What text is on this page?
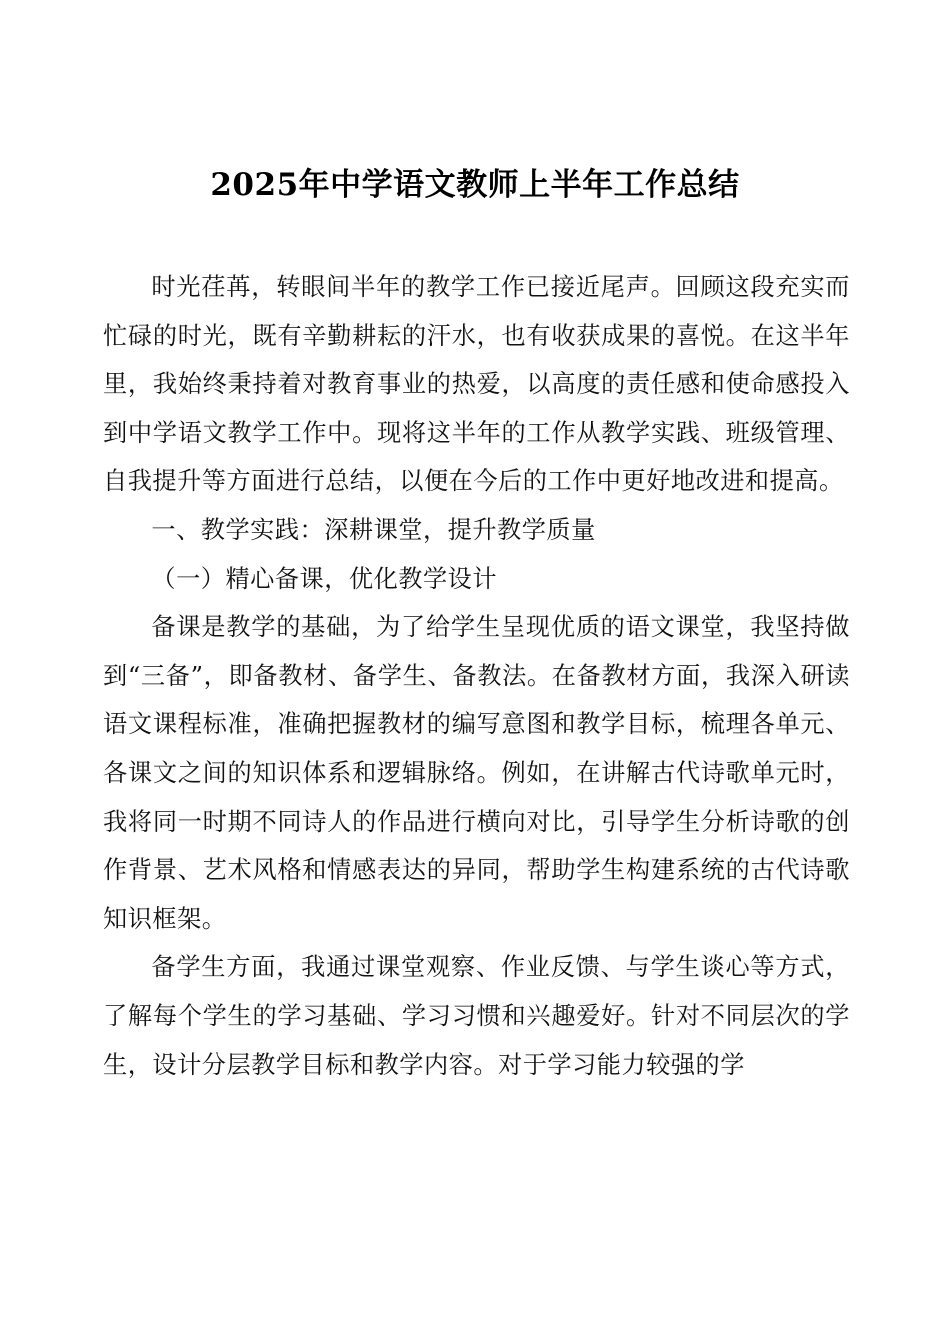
2025年中学语文教师上半年工作总结

时光荏苒，转眼间半年的教学工作已接近尾声。回顾这段充实而忙碌的时光，既有辛勤耕耘的汗水，也有收获成果的喜悦。在这半年里，我始终秉持着对教育事业的热爱，以高度的责任感和使命感投入到中学语文教学工作中。现将这半年的工作从教学实践、班级管理、自我提升等方面进行总结，以便在今后的工作中更好地改进和提高。

一、教学实践：深耕课堂，提升教学质量

（一）精心备课，优化教学设计

备课是教学的基础，为了给学生呈现优质的语文课堂，我坚持做到“三备”，即备教材、备学生、备教法。在备教材方面，我深入研读语文课程标准，准确把握教材的编写意图和教学目标，梳理各单元、各课文之间的知识体系和逻辑脉络。例如，在讲解古代诗歌单元时，我将同一时期不同诗人的作品进行横向对比，引导学生分析诗歌的创作背景、艺术风格和情感表达的异同，帮助学生构建系统的古代诗歌知识框架。

备学生方面，我通过课堂观察、作业反馈、与学生谈心等方式，了解每个学生的学习基础、学习习惯和兴趣爱好。针对不同层次的学生，设计分层教学目标和教学内容。对于学习能力较强的学
